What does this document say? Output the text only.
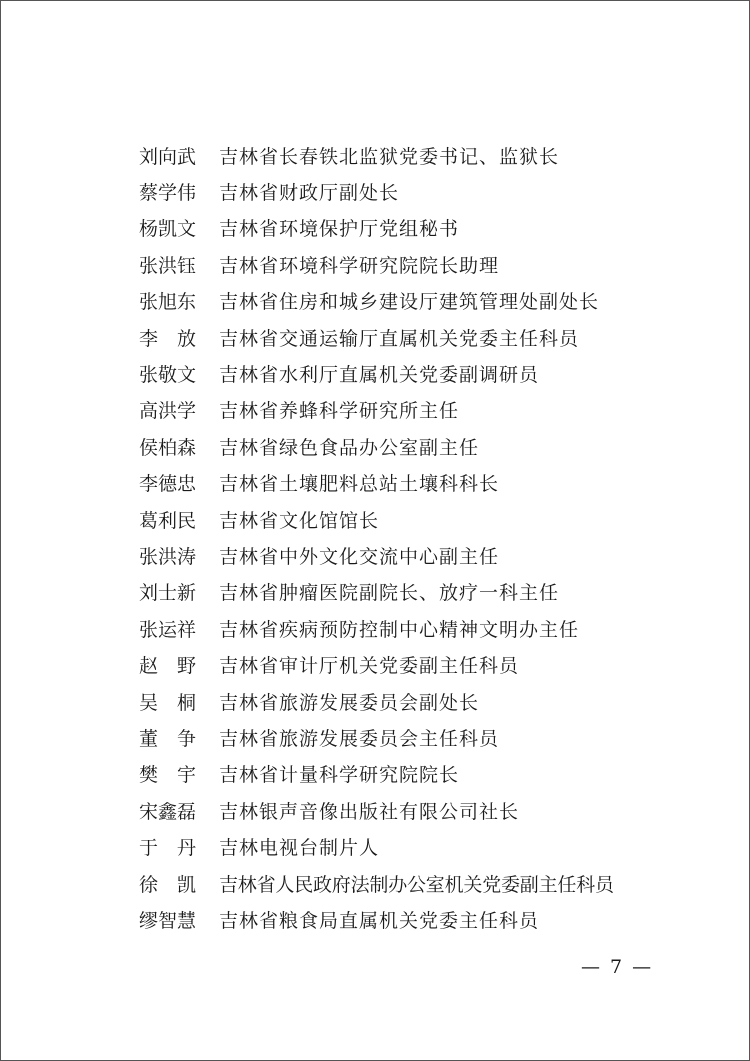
刘向武	吉林省长春铁北监狱党委书记、监狱长
蔡学伟	吉林省财政厅副处长
杨凯文	吉林省环境保护厅党组秘书
张洪钰	吉林省环境科学研究院院长助理
张旭东	吉林省住房和城乡建设厅建筑管理处副处长
李　放	吉林省交通运输厅直属机关党委主任科员
张敬文	吉林省水利厅直属机关党委副调研员
高洪学	吉林省养蜂科学研究所主任
侯柏森	吉林省绿色食品办公室副主任
李德忠	吉林省土壤肥料总站土壤科科长
葛利民	吉林省文化馆馆长
张洪涛	吉林省中外文化交流中心副主任
刘士新	吉林省肿瘤医院副院长、放疗一科主任
张运祥	吉林省疾病预防控制中心精神文明办主任
赵　野	吉林省审计厅机关党委副主任科员
吴　桐	吉林省旅游发展委员会副处长
董　争	吉林省旅游发展委员会主任科员
樊　宇	吉林省计量科学研究院院长
宋鑫磊	吉林银声音像出版社有限公司社长
于　丹	吉林电视台制片人
徐　凯	吉林省人民政府法制办公室机关党委副主任科员
缪智慧	吉林省粮食局直属机关党委主任科员
— 7 —
